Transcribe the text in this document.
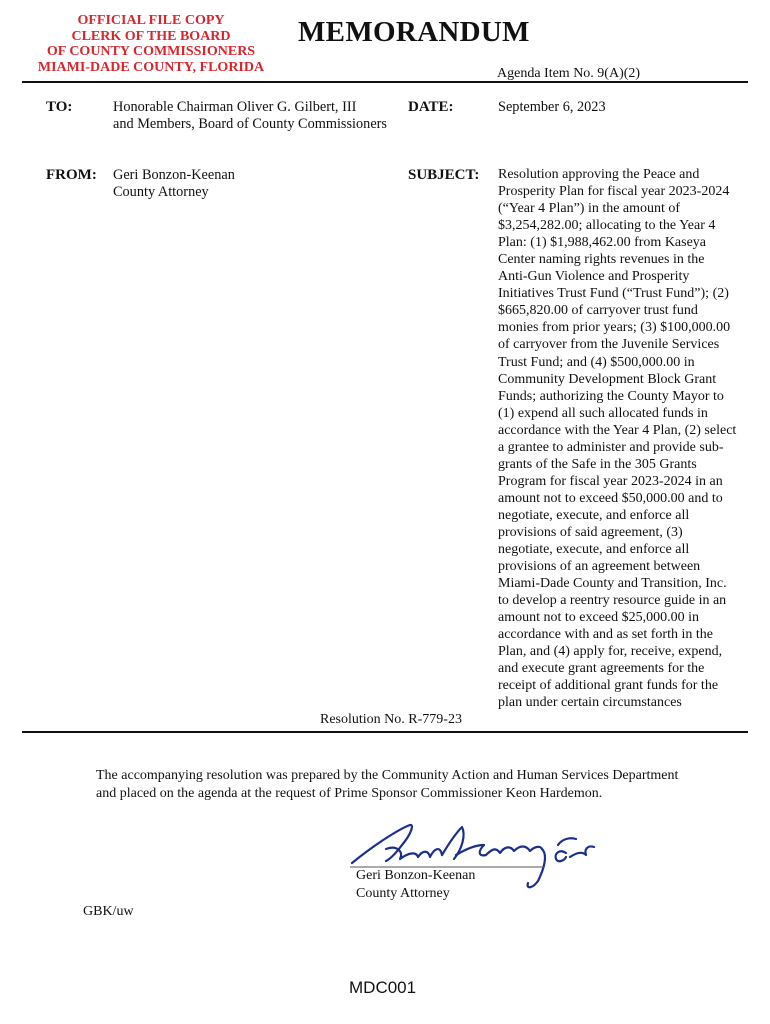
OFFICIAL FILE COPY
CLERK OF THE BOARD
OF COUNTY COMMISSIONERS
MIAMI-DADE COUNTY, FLORIDA
MEMORANDUM
Agenda Item No. 9(A)(2)
TO:	Honorable Chairman Oliver G. Gilbert, III
and Members, Board of County Commissioners
DATE:	September 6, 2023
FROM: Geri Bonzon-Keenan
County Attorney
SUBJECT: Resolution approving the Peace and
Prosperity Plan for fiscal year 2023-2024
(“Year 4 Plan”) in the amount of
$3,254,282.00; allocating to the Year 4
Plan: (1) $1,988,462.00 from Kaseya
Center naming rights revenues in the
Anti-Gun Violence and Prosperity
Initiatives Trust Fund (“Trust Fund”); (2)
$665,820.00 of carryover trust fund
monies from prior years; (3) $100,000.00
of carryover from the Juvenile Services
Trust Fund; and (4) $500,000.00 in
Community Development Block Grant
Funds; authorizing the County Mayor to
(1) expend all such allocated funds in
accordance with the Year 4 Plan, (2) select
a grantee to administer and provide sub-
grants of the Safe in the 305 Grants
Program for fiscal year 2023-2024 in an
amount not to exceed $50,000.00 and to
negotiate, execute, and enforce all
provisions of said agreement, (3)
negotiate, execute, and enforce all
provisions of an agreement between
Miami-Dade County and Transition, Inc.
to develop a reentry resource guide in an
amount not to exceed $25,000.00 in
accordance with and as set forth in the
Plan, and (4) apply for, receive, expend,
and execute grant agreements for the
receipt of additional grant funds for the
plan under certain circumstances
Resolution No. R-779-23
The accompanying resolution was prepared by the Community Action and Human Services Department
and placed on the agenda at the request of Prime Sponsor Commissioner Keon Hardemon.
Geri Bonzon-Keenan
County Attorney
GBK/uw
MDC001
